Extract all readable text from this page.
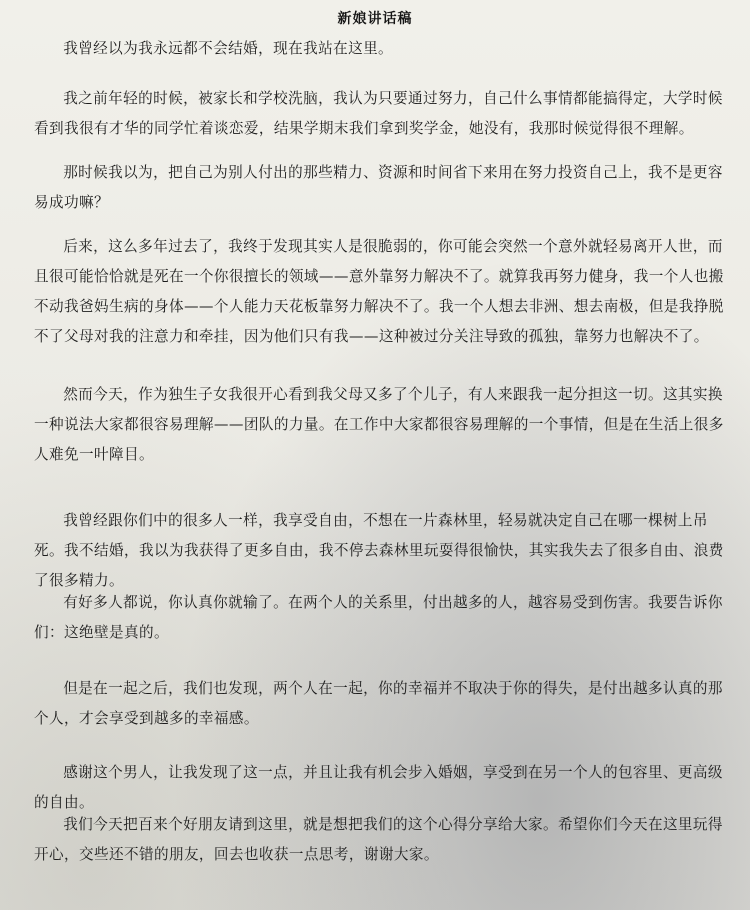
新娘讲话稿
我曾经以为我永远都不会结婚，现在我站在这里。
我之前年轻的时候，被家长和学校洗脑，我认为只要通过努力，自己什么事情都能搞得定，大学时候看到我很有才华的同学忙着谈恋爱，结果学期末我们拿到奖学金，她没有，我那时候觉得很不理解。
那时候我以为，把自己为别人付出的那些精力、资源和时间省下来用在努力投资自己上，我不是更容易成功嘛？
后来，这么多年过去了，我终于发现其实人是很脆弱的，你可能会突然一个意外就轻易离开人世，而且很可能恰恰就是死在一个你很擅长的领域——意外靠努力解决不了。就算我再努力健身，我一个人也搬不动我爸妈生病的身体——个人能力天花板靠努力解决不了。我一个人想去非洲、想去南极，但是我挣脱不了父母对我的注意力和牵挂，因为他们只有我——这种被过分关注导致的孤独，靠努力也解决不了。
然而今天，作为独生子女我很开心看到我父母又多了个儿子，有人来跟我一起分担这一切。这其实换一种说法大家都很容易理解——团队的力量。在工作中大家都很容易理解的一个事情，但是在生活上很多人难免一叶障目。
我曾经跟你们中的很多人一样，我享受自由，不想在一片森林里，轻易就决定自己在哪一棵树上吊死。我不结婚，我以为我获得了更多自由，我不停去森林里玩耍得很愉快，其实我失去了很多自由、浪费了很多精力。
有好多人都说，你认真你就输了。在两个人的关系里，付出越多的人，越容易受到伤害。我要告诉你们：这绝壁是真的。
但是在一起之后，我们也发现，两个人在一起，你的幸福并不取决于你的得失，是付出越多认真的那个人，才会享受到越多的幸福感。
感谢这个男人，让我发现了这一点，并且让我有机会步入婚姻，享受到在另一个人的包容里、更高级的自由。
我们今天把百来个好朋友请到这里，就是想把我们的这个心得分享给大家。希望你们今天在这里玩得开心，交些还不错的朋友，回去也收获一点思考，谢谢大家。
